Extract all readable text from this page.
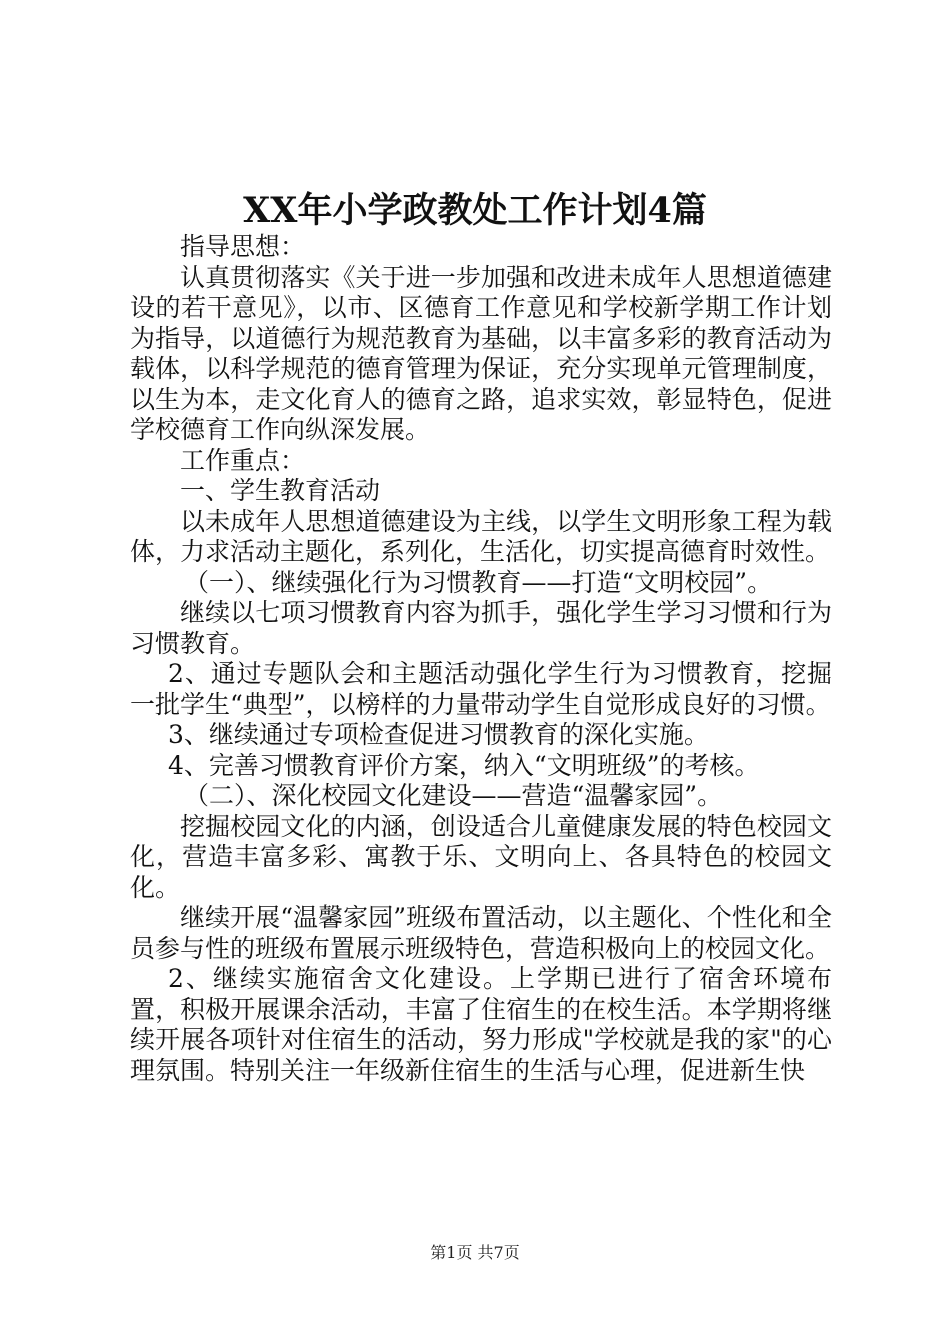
XX年小学政教处工作计划4篇

指导思想：

认真贯彻落实《关于进一步加强和改进未成年人思想道德建设的若干意见》，以市、区德育工作意见和学校新学期工作计划为指导，以道德行为规范教育为基础，以丰富多彩的教育活动为载体，以科学规范的德育管理为保证，充分实现单元管理制度，以生为本，走文化育人的德育之路，追求实效，彰显特色，促进学校德育工作向纵深发展。

工作重点：

一、学生教育活动

以未成年人思想道德建设为主线，以学生文明形象工程为载体，力求活动主题化，系列化，生活化，切实提高德育时效性。

（一）、继续强化行为习惯教育——打造“文明校园”。

继续以七项习惯教育内容为抓手，强化学生学习习惯和行为习惯教育。

2、通过专题队会和主题活动强化学生行为习惯教育，挖掘一批学生“典型”，以榜样的力量带动学生自觉形成良好的习惯。

3、继续通过专项检查促进习惯教育的深化实施。

4、完善习惯教育评价方案，纳入“文明班级”的考核。

（二）、深化校园文化建设——营造“温馨家园”。

挖掘校园文化的内涵，创设适合儿童健康发展的特色校园文化，营造丰富多彩、寓教于乐、文明向上、各具特色的校园文化。

继续开展“温馨家园”班级布置活动，以主题化、个性化和全员参与性的班级布置展示班级特色，营造积极向上的校园文化。

2、继续实施宿舍文化建设。上学期已进行了宿舍环境布置，积极开展课余活动，丰富了住宿生的在校生活。本学期将继续开展各项针对住宿生的活动，努力形成"学校就是我的家"的心理氛围。特别关注一年级新住宿生的生活与心理，促进新生快

第1页 共7页
